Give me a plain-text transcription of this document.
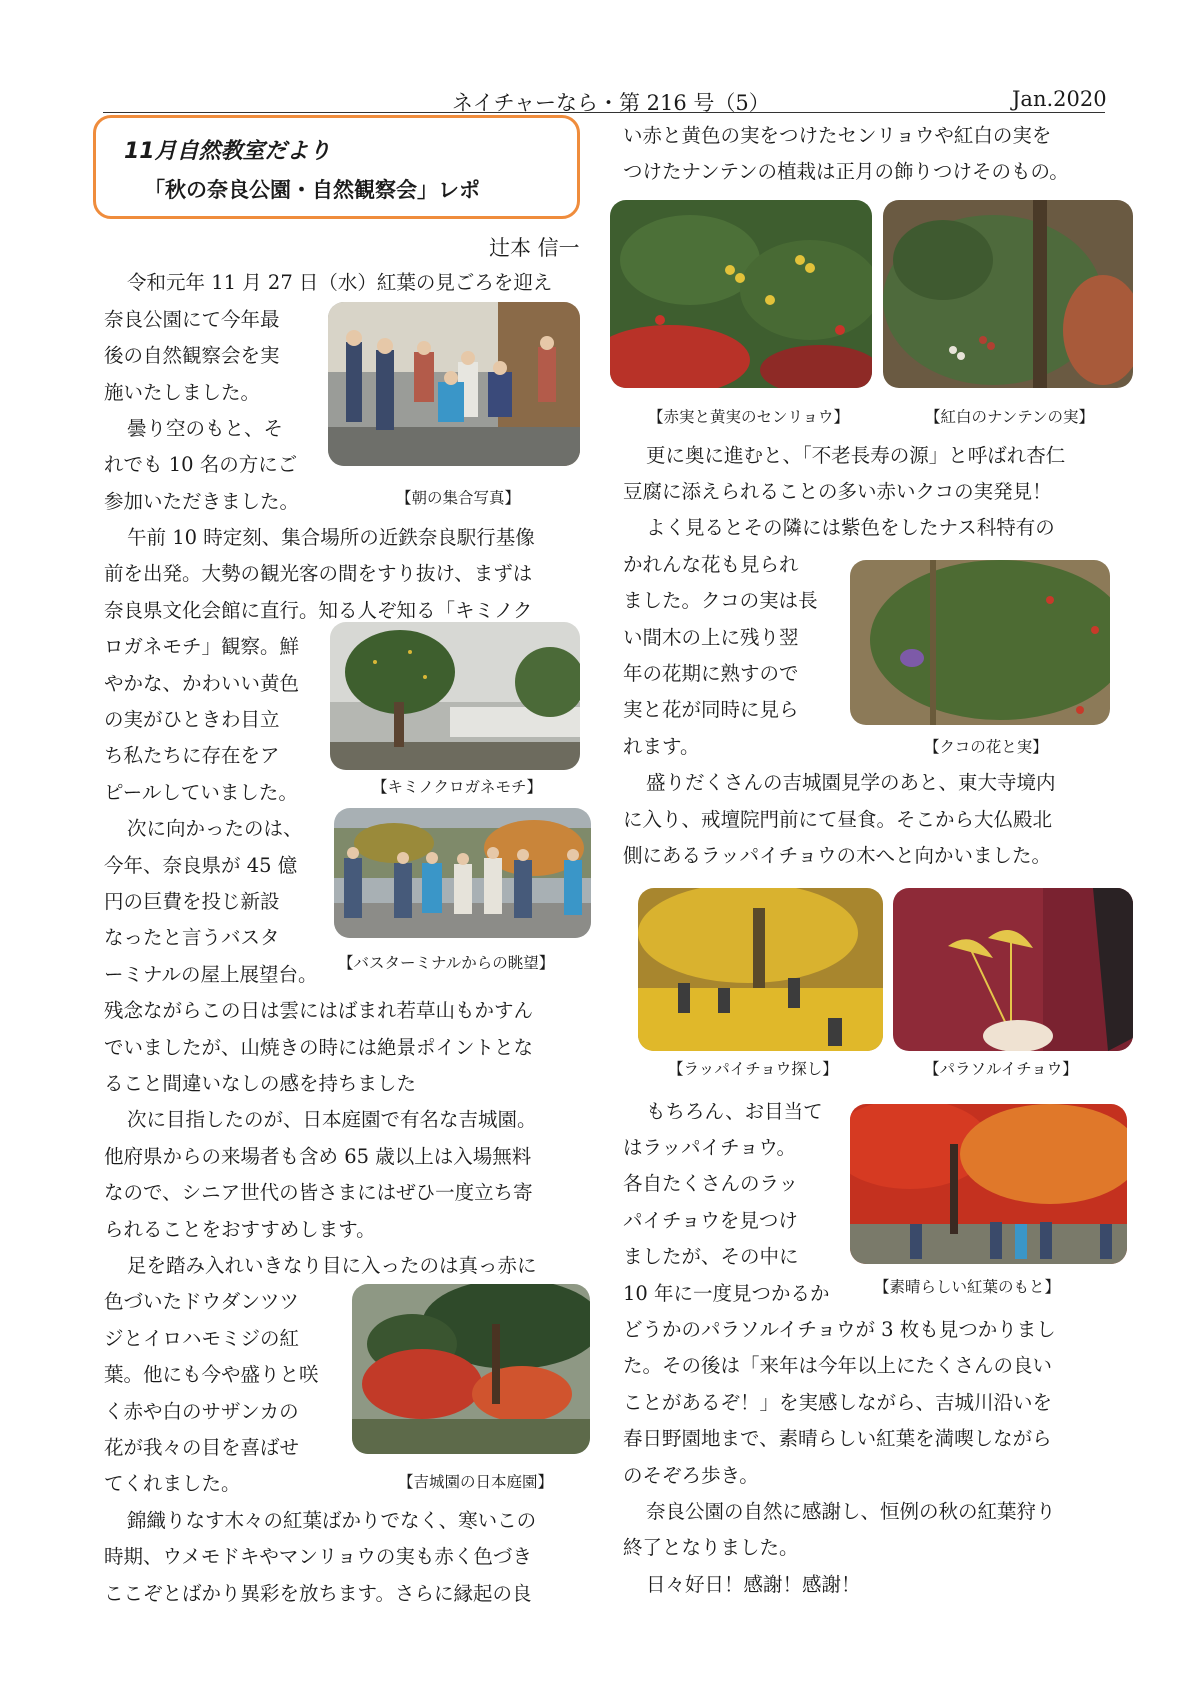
ネイチャーなら・第 216 号（5）	Jan.2020
11月自然教室だより
「秋の奈良公園・自然観察会」レポ
辻本 信一
令和元年 11 月 27 日（水）紅葉の見ごろを迎え
奈良公園にて今年最
後の自然観察会を実
施いたしました。
曇り空のもと、そ
れでも 10 名の方にご
参加いただきました。
午前 10 時定刻、集合場所の近鉄奈良駅行基像
前を出発。大勢の観光客の間をすり抜け、まずは
奈良県文化会館に直行。知る人ぞ知る「キミノク
ロガネモチ」観察。鮮
やかな、かわいい黄色
の実がひときわ目立
ち私たちに存在をア
ピールしていました。
次に向かったのは、
今年、奈良県が 45 億
円の巨費を投じ新設
なったと言うバスタ
ーミナルの屋上展望台。
残念ながらこの日は雲にはばまれ若草山もかすん
でいましたが、山焼きの時には絶景ポイントとな
ること間違いなしの感を持ちました
次に目指したのが、日本庭園で有名な吉城園。
他府県からの来場者も含め 65 歳以上は入場無料
なので、シニア世代の皆さまにはぜひ一度立ち寄
られることをおすすめします。
足を踏み入れいきなり目に入ったのは真っ赤に
色づいたドウダンツツ
ジとイロハモミジの紅
葉。他にも今や盛りと咲
く赤や白のサザンカの
花が我々の目を喜ばせ
てくれました。
錦織りなす木々の紅葉ばかりでなく、寒いこの
時期、ウメモドキやマンリョウの実も赤く色づき
ここぞとばかり異彩を放ちます。さらに縁起の良
い赤と黄色の実をつけたセンリョウや紅白の実を
つけたナンテンの植栽は正月の飾りつけそのもの。
更に奥に進むと、「不老長寿の源」と呼ばれ杏仁
豆腐に添えられることの多い赤いクコの実発見！
よく見るとその隣には紫色をしたナス科特有の
かれんな花も見られ
ました。クコの実は長
い間木の上に残り翌
年の花期に熟すので
実と花が同時に見ら
れます。
盛りだくさんの吉城園見学のあと、東大寺境内
に入り、戒壇院門前にて昼食。そこから大仏殿北
側にあるラッパイチョウの木へと向かいました。
もちろん、お目当て
はラッパイチョウ。
各自たくさんのラッ
パイチョウを見つけ
ましたが、その中に
10 年に一度見つかるか
どうかのパラソルイチョウが 3 枚も見つかりまし
た。その後は「来年は今年以上にたくさんの良い
ことがあるぞ！」を実感しながら、吉城川沿いを
春日野園地まで、素晴らしい紅葉を満喫しながら
のそぞろ歩き。
奈良公園の自然に感謝し、恒例の秋の紅葉狩り
終了となりました。
日々好日！感謝！感謝！
【朝の集合写真】
【キミノクロガネモチ】
【バスターミナルからの眺望】
【吉城園の日本庭園】
【赤実と黄実のセンリョウ】	【紅白のナンテンの実】
【クコの花と実】
【ラッパイチョウ探し】	【パラソルイチョウ】
【素晴らしい紅葉のもと】
